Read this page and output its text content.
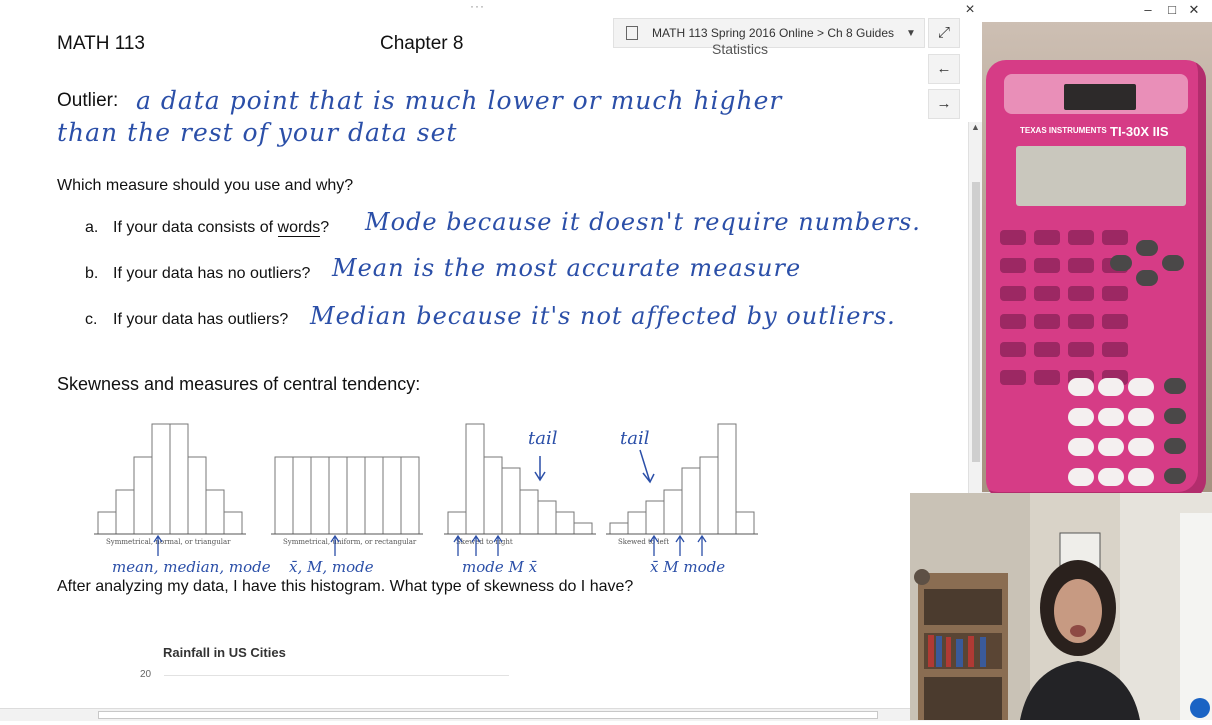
···
MATH 113	Chapter 8	MATH 113 Spring 2016 Online > Ch 8 Guides ▼
Statistics
⤢
←
→
Outlier: a data point that is much lower or much higher
than the rest of your data set
Which measure should you use and why?
a. If your data consists of words? Mode because it doesn't require numbers.
b. If your data has no outliers? Mean is the most accurate measure
c. If your data has outliers? Median because it's not affected by outliers.
Skewness and measures of central tendency:
Symmetrical, normal, or triangular
mean, median, mode
Symmetrical, uniform, or rectangular
x̄, M, mode
Skewed to right
mode M x̄
tail
Skewed to left
x̄ M mode
tail
After analyzing my data, I have this histogram. What type of skewness do I have?
Rainfall in US Cities
20
×
▲
–	□ ✕
TEXAS INSTRUMENTS TI-30X IIS
